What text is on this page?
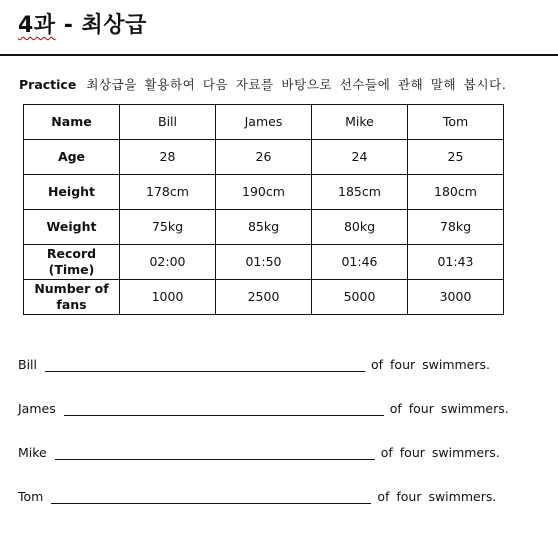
4과 - 최상급
Practice 최상급을 활용하여 다음 자료를 바탕으로 선수들에 관해 말해 봅시다.
Name	Bill	James	Mike	Tom
Age	28	26	24	25
Height	178cm	190cm	185cm	180cm
Weight	75kg	85kg	80kg	78kg
Record (Time)	02:00	01:50	01:46	01:43
Number of fans	1000	2500	5000	3000
Bill	of four swimmers.
James	of four swimmers.
Mike	of four swimmers.
Tom	of four swimmers.
